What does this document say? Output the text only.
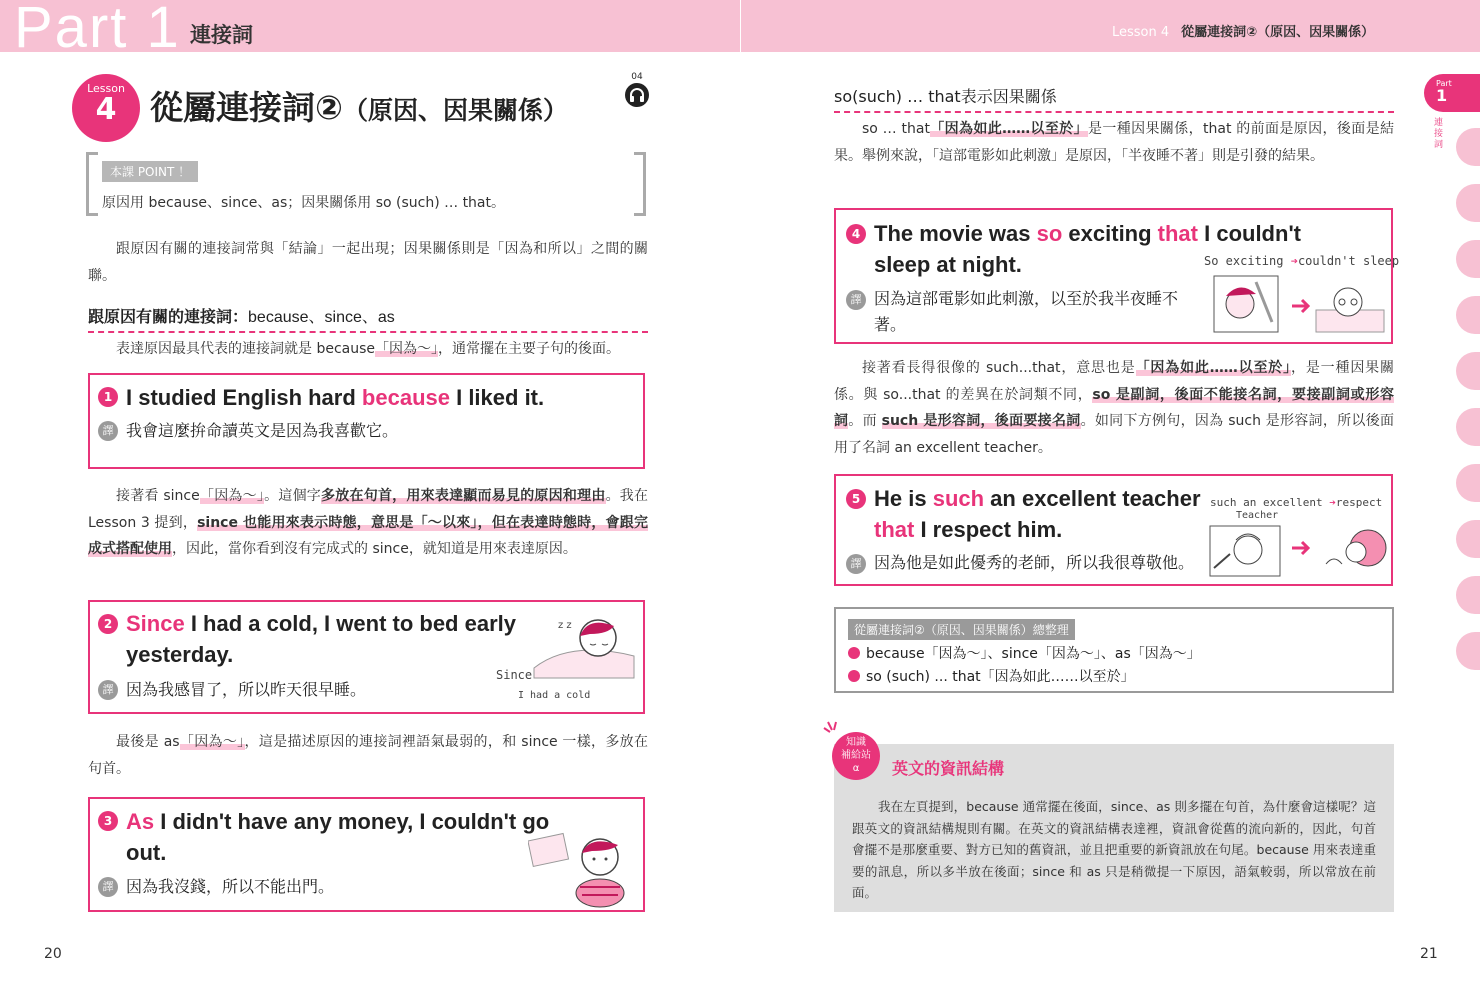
Part 1 連接詞	Lesson 4 從屬連接詞②（原因、因果關係）
Lesson
4	從屬連接詞②（原因、因果關係）
04
本課 POINT ！
原因用 because、since、as；因果關係用 so (such) … that。
跟原因有關的連接詞常與「結論」一起出現；因果關係則是「因為和所以」之間的關聯。
跟原因有關的連接詞：because、since、as
表達原因最具代表的連接詞就是 because「因為～」，通常擺在主要子句的後面。
1 I studied English hard because I liked it.
譯 我會這麼拚命讀英文是因為我喜歡它。
接著看 since「因為～」。這個字多放在句首，用來表達顯而易見的原因和理由。我在 Lesson 3 提到，since 也能用來表示時態，意思是「～以來」，但在表達時態時，會跟完成式搭配使用，因此，當你看到沒有完成式的 since，就知道是用來表達原因。
2 Since I had a cold, I went to bed early yesterday.
譯 因為我感冒了，所以昨天很早睡。
Since
I had a cold
z z
最後是 as「因為～」，這是描述原因的連接詞裡語氣最弱的，和 since 一樣，多放在句首。
3 As I didn't have any money, I couldn't go out.
譯 因為我沒錢，所以不能出門。
20
so(such) … that表示因果關係
so … that「因為如此……以至於」是一種因果關係，that 的前面是原因，後面是結果。舉例來說，「這部電影如此刺激」是原因，「半夜睡不著」則是引發的結果。
4 The movie was so exciting that I couldn't sleep at night.
譯 因為這部電影如此刺激，以至於我半夜睡不著。
So exciting ➔couldn't sleep
接著看長得很像的 such...that，意思也是「因為如此……以至於」，是一種因果關係。與 so...that 的差異在於詞類不同，so 是副詞，後面不能接名詞，要接副詞或形容詞。而 such 是形容詞，後面要接名詞。如同下方例句，因為 such 是形容詞，所以後面用了名詞 an excellent teacher。
5 He is such an excellent teacher that I respect him.
譯 因為他是如此優秀的老師，所以我很尊敬他。
such an excellent ➔respect
Teacher
從屬連接詞②（原因、因果關係）總整理
because「因為～」、since「因為～」、as「因為～」
so (such) ... that「因為如此……以至於」
知識
補給站
α	英文的資訊結構
我在左頁提到，because 通常擺在後面，since、as 則多擺在句首，為什麼會這樣呢？這跟英文的資訊結構規則有關。在英文的資訊結構表達裡，資訊會從舊的流向新的，因此，句首會擺不是那麼重要、對方已知的舊資訊，並且把重要的新資訊放在句尾。because 用來表達重要的訊息，所以多半放在後面；since 和 as 只是稍微提一下原因，語氣較弱，所以常放在前面。
Part
1
連接詞
21
